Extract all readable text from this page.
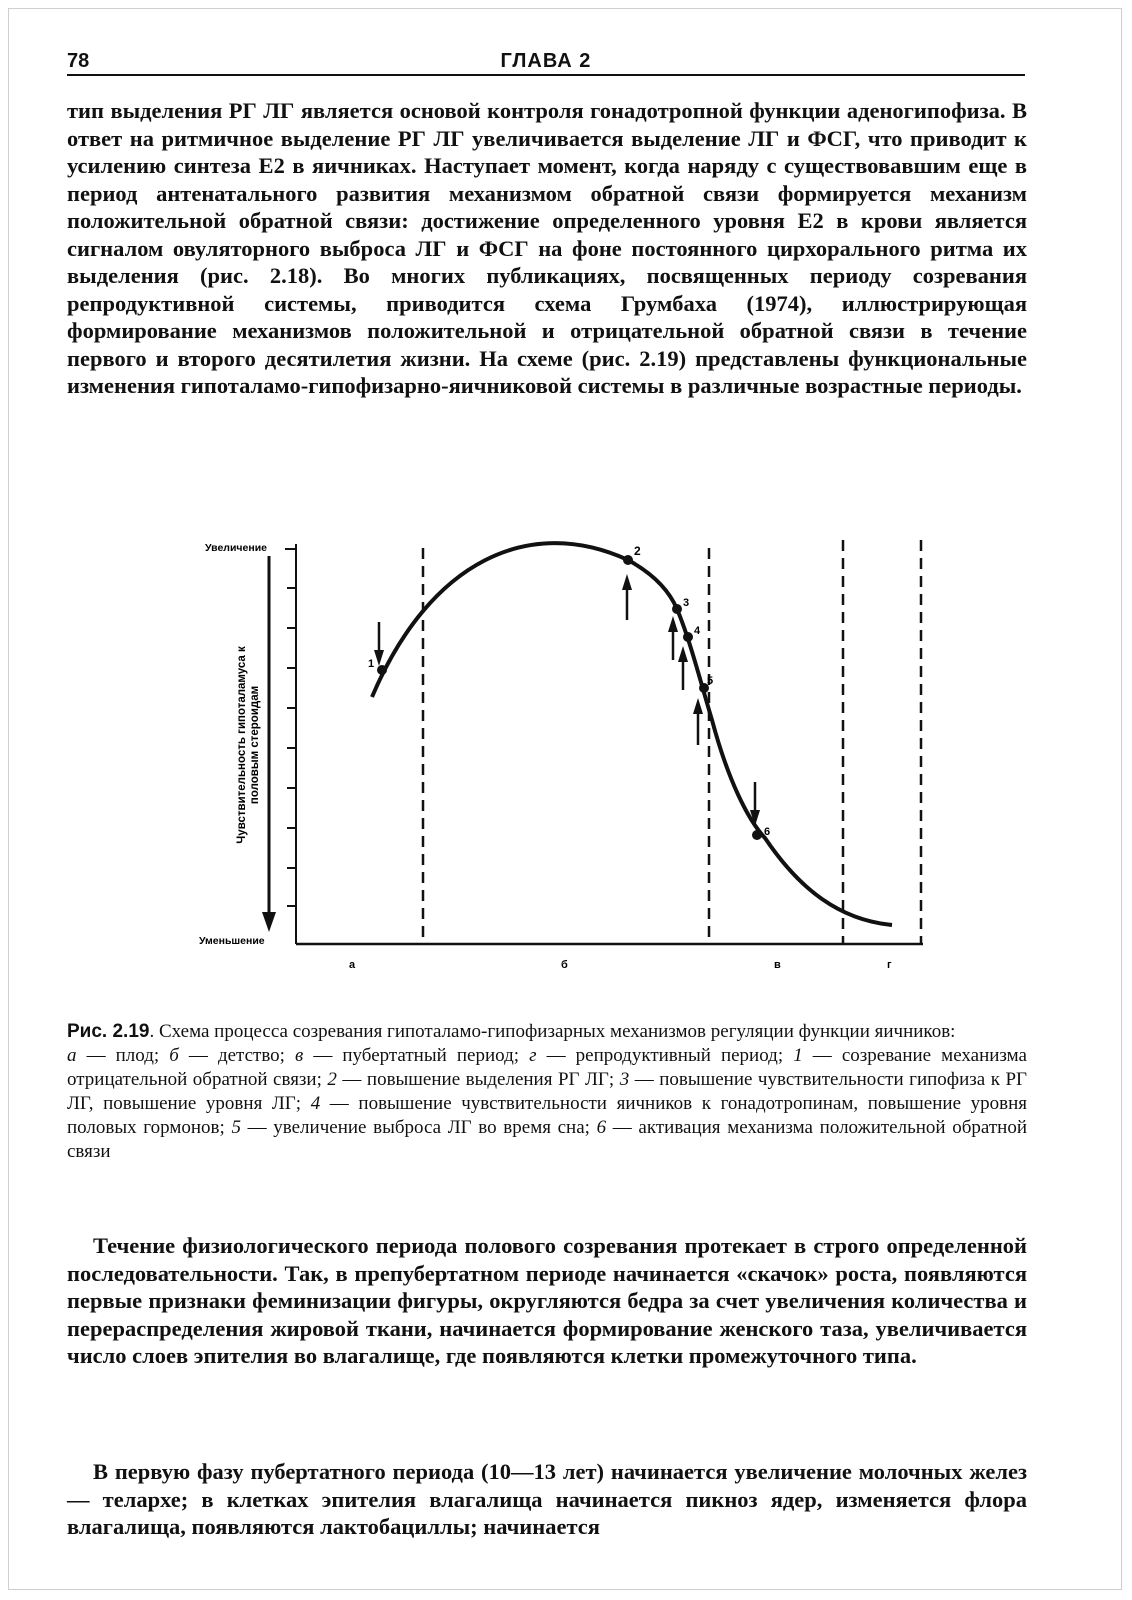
78	ГЛАВА 2

тип выделения РГ ЛГ является основой контроля гонадотропной функции аденогипофиза. В ответ на ритмичное выделение РГ ЛГ увеличивается выделение ЛГ и ФСГ, что приводит к усилению синтеза Е2 в яичниках. Наступает момент, когда наряду с существовавшим еще в период антенатального развития механизмом обратной связи формируется механизм положительной обратной связи: достижение определенного уровня Е2 в крови является сигналом овуляторного выброса ЛГ и ФСГ на фоне постоянного цирхорального ритма их выделения (рис. 2.18). Во многих публикациях, посвященных периоду созревания репродуктивной системы, приводится схема Грумбаха (1974), иллюстрирующая формирование механизмов положительной и отрицательной обратной связи в течение первого и второго десятилетия жизни. На схеме (рис. 2.19) представлены функциональные изменения гипоталамо-гипофизарно-яичниковой системы в различные возрастные периоды.

Увеличение
Уменьшение
Чувствительность гипоталамуса к половым стероидам
а	б	в	г
1
2
3
4
5
6

Рис. 2.19. Схема процесса созревания гипоталамо-гипофизарных механизмов регуляции функции яичников:
а — плод; б — детство; в — пубертатный период; г — репродуктивный период; 1 — созревание механизма отрицательной обратной связи; 2 — повышение выделения РГ ЛГ; 3 — повышение чувствительности гипофиза к РГ ЛГ, повышение уровня ЛГ; 4 — повышение чувствительности яичников к гонадотропинам, повышение уровня половых гормонов; 5 — увеличение выброса ЛГ во время сна; 6 — активация механизма положительной обратной связи

Течение физиологического периода полового созревания протекает в строго определенной последовательности. Так, в препубертатном периоде начинается «скачок» роста, появляются первые признаки феминизации фигуры, округляются бедра за счет увеличения количества и перераспределения жировой ткани, начинается формирование женского таза, увеличивается число слоев эпителия во влагалище, где появляются клетки промежуточного типа.

В первую фазу пубертатного периода (10—13 лет) начинается увеличение молочных желез — телархе; в клетках эпителия влагалища начинается пикноз ядер, изменяется флора влагалища, появляются лактобациллы; начинается
